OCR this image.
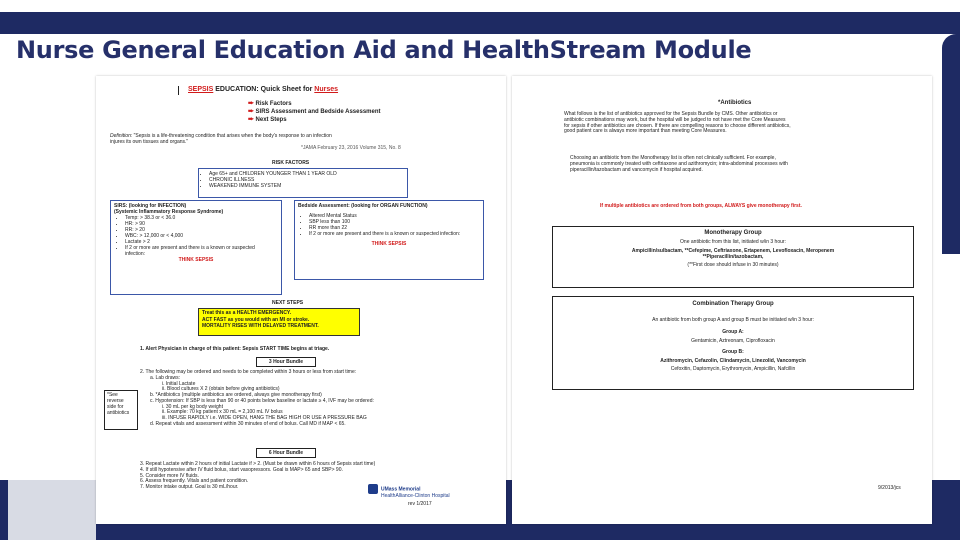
Nurse General Education Aid and HealthStream Module
SEPSIS EDUCATION: Quick Sheet for Nurses
➨ Risk Factors
➨ SIRS Assessment and Bedside Assessment
➨ Next Steps
Definition: "Sepsis is a life-threatening condition that arises when the body's response to an infection
injures its own tissues and organs."
*JAMA February 23, 2016 Volume 315, No. 8
RISK FACTORS
• Age 65+ and CHILDREN YOUNGER THAN 1 YEAR OLD
• CHRONIC ILLNESS
• WEAKENED IMMUNE SYSTEM
SIRS: (looking for INFECTION)
(Systemic Inflammatory Response Syndrome)
• Temp: > 38.3 or < 36.0
• HR: > 90
• RR: > 20
• WBC: > 12,000 or < 4,000
• Lactate > 2
• If 2 or more are present and there is a known or suspected infection:
THINK SEPSIS
Bedside Assessment: (looking for ORGAN FUNCTION)
• Altered Mental Status
• SBP less than 100
• RR more than 22
• If 2 or more are present and there is a known or suspected infection:
THINK SEPSIS
NEXT STEPS
Treat this as a HEALTH EMERGENCY.
ACT FAST as you would with an MI or stroke.
MORTALITY RISES WITH DELAYED TREATMENT.
1. Alert Physician in charge of this patient: Sepsis START TIME begins at triage.
3 Hour Bundle
2. The following may be ordered and needs to be completed within 3 hours or less from start time:
a. Lab draws:
i. Initial Lactate
ii. Blood cultures X 2 (obtain before giving antibiotics)
b. *Antibiotics (multiple antibiotics are ordered, always give monotherapy first)
c. Hypotension: If SBP is less than 90 or 40 points below baseline or lactate ≥ 4, IVF may be ordered:
i. 30 mL per kg body weight
ii. Example: 70 kg patient x 30 mL = 2,100 mL IV bolus
iii. INFUSE RAPIDLY i.e. WIDE OPEN, HANG THE BAG HIGH OR USE A PRESSURE BAG
d. Repeat vitals and assessment within 30 minutes of end of bolus. Call MD if MAP < 65.
*See
reverse
side for
antibiotics
6 Hour Bundle
3. Repeat Lactate within 2 hours of initial Lactate if > 2. (Must be drawn within 6 hours of Sepsis start time)
4. If still hypotensive after IV fluid bolus, start vasopressors. Goal is MAP> 65 and SBP> 90.
5. Consider more IV fluids.
6. Assess frequently. Vitals and patient condition.
7. Monitor intake output. Goal is 30 mL/hour.	UMass Memorial
HealthAlliance-Clinton Hospital
rev 1/2017
*Antibiotics
What follows is the list of antibiotics approved for the Sepsis Bundle by CMS. Other antibiotics or
antibiotic combinations may work, but the hospital will be judged to not have met the Core Measures
for sepsis if other antibiotics are chosen. If there are compelling reasons to choose different antibiotics,
good patient care is always more important than meeting Core Measures.
Choosing an antibiotic from the Monotherapy list is often not clinically sufficient. For example,
pneumonia is commonly treated with ceftriaxone and azithromycin; intra-abdominal processes with
piperacillin/tazobactam and vancomycin if hospital acquired.
If multiple antibiotics are ordered from both groups, ALWAYS give monotherapy first.
Monotherapy Group
One antibiotic from this list, initiated w/in 3 hour:
Ampicillin/sulbactam, **Cefepime, Ceftriaxone, Ertapenem, Levofloxacin, Meropenem
**Piperacillin/tazobactam,
(**First dose should infuse in 30 minutes)
Combination Therapy Group
An antibiotic from both group A and group B must be initiated w/in 3 hour:
Group A:
Gentamicin, Aztreonam, Ciprofloxacin
Group B:
Azithromycin, Cefazolin, Clindamycin, Linezolid, Vancomycin
Cefoxitin, Daptomycin, Erythromycin, Ampicillin, Nafcillin
9/2013/jcs
